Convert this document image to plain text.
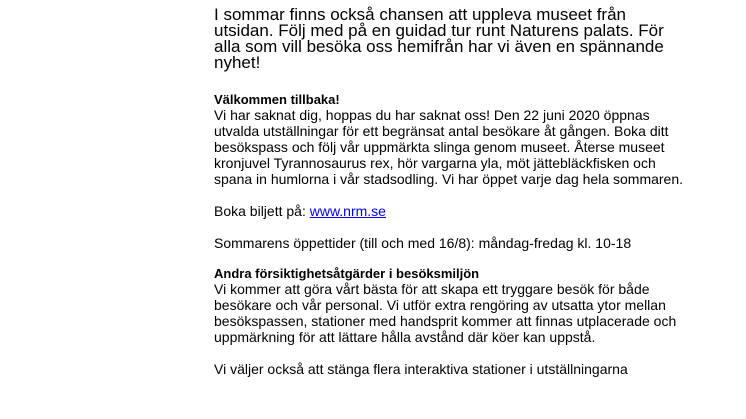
I sommar finns också chansen att uppleva museet från utsidan. Följ med på en guidad tur runt Naturens palats. För alla som vill besöka oss hemifrån har vi även en spännande nyhet!

Välkommen tillbaka!

Vi har saknat dig, hoppas du har saknat oss! Den 22 juni 2020 öppnas utvalda utställningar för ett begränsat antal besökare åt gången. Boka ditt besökspass och följ vår uppmärkta slinga genom museet. Återse museet kronjuvel Tyrannosaurus rex, hör vargarna yla, möt jättebläckfisken och spana in humlorna i vår stadsodling. Vi har öppet varje dag hela sommaren.

Boka biljett på: www.nrm.se

Sommarens öppettider (till och med 16/8): måndag-fredag kl. 10-18

Andra försiktighetsåtgärder i besöksmiljön

Vi kommer att göra vårt bästa för att skapa ett tryggare besök för både besökare och vår personal. Vi utför extra rengöring av utsatta ytor mellan besökspassen, stationer med handsprit kommer att finnas utplacerade och uppmärkning för att lättare hålla avstånd där köer kan uppstå.

Vi väljer också att stänga flera interaktiva stationer i utställningarna
